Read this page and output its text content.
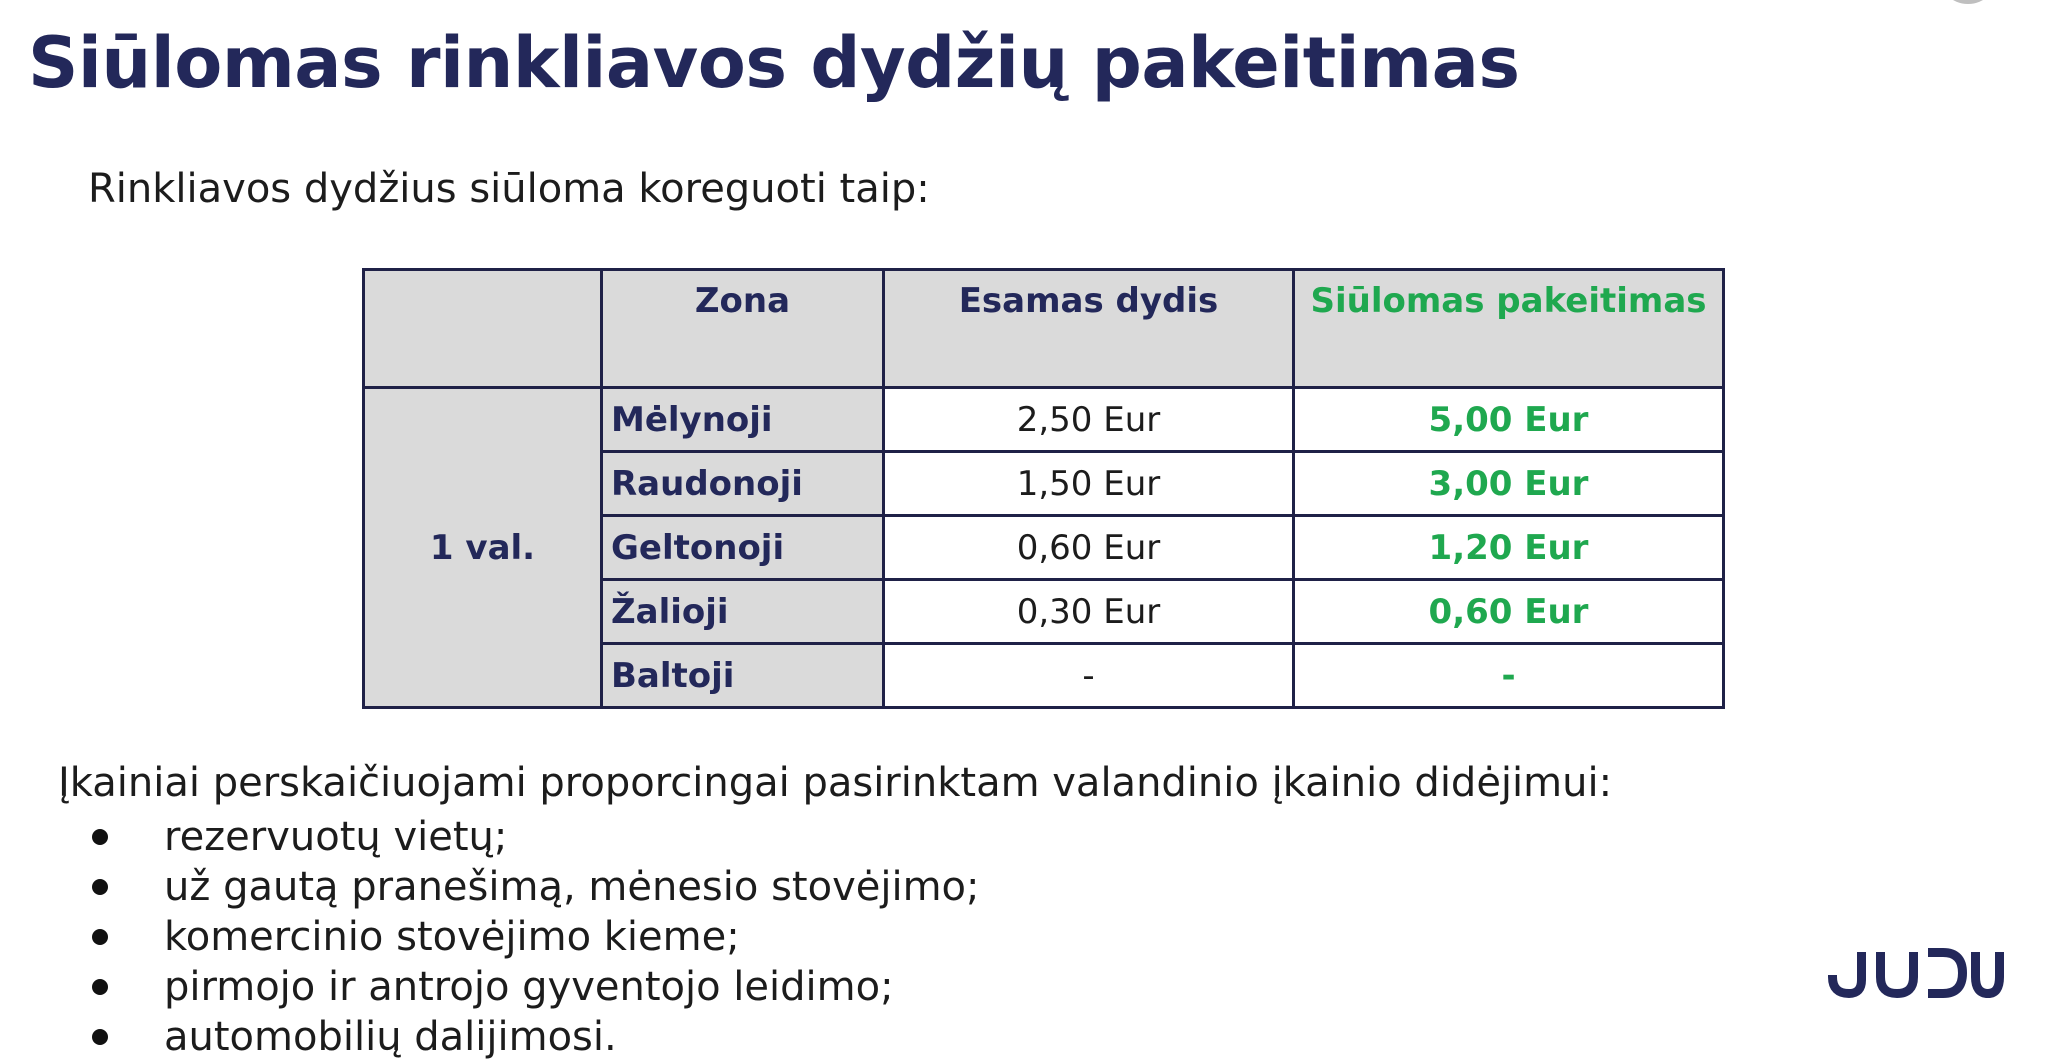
Siūlomas rinkliavos dydžių pakeitimas
Rinkliavos dydžius siūloma koreguoti taip:
	Zona	Esamas dydis	Siūlomas pakeitimas
1 val.	Mėlynoji	2,50 Eur	5,00 Eur
	Raudonoji	1,50 Eur	3,00 Eur
	Geltonoji	0,60 Eur	1,20 Eur
	Žalioji	0,30 Eur	0,60 Eur
	Baltoji	-	-
Įkainiai perskaičiuojami proporcingai pasirinktam valandinio įkainio didėjimui:
rezervuotų vietų;
už gautą pranešimą, mėnesio stovėjimo;
komercinio stovėjimo kieme;
pirmojo ir antrojo gyventojo leidimo;
automobilių dalijimosi.
